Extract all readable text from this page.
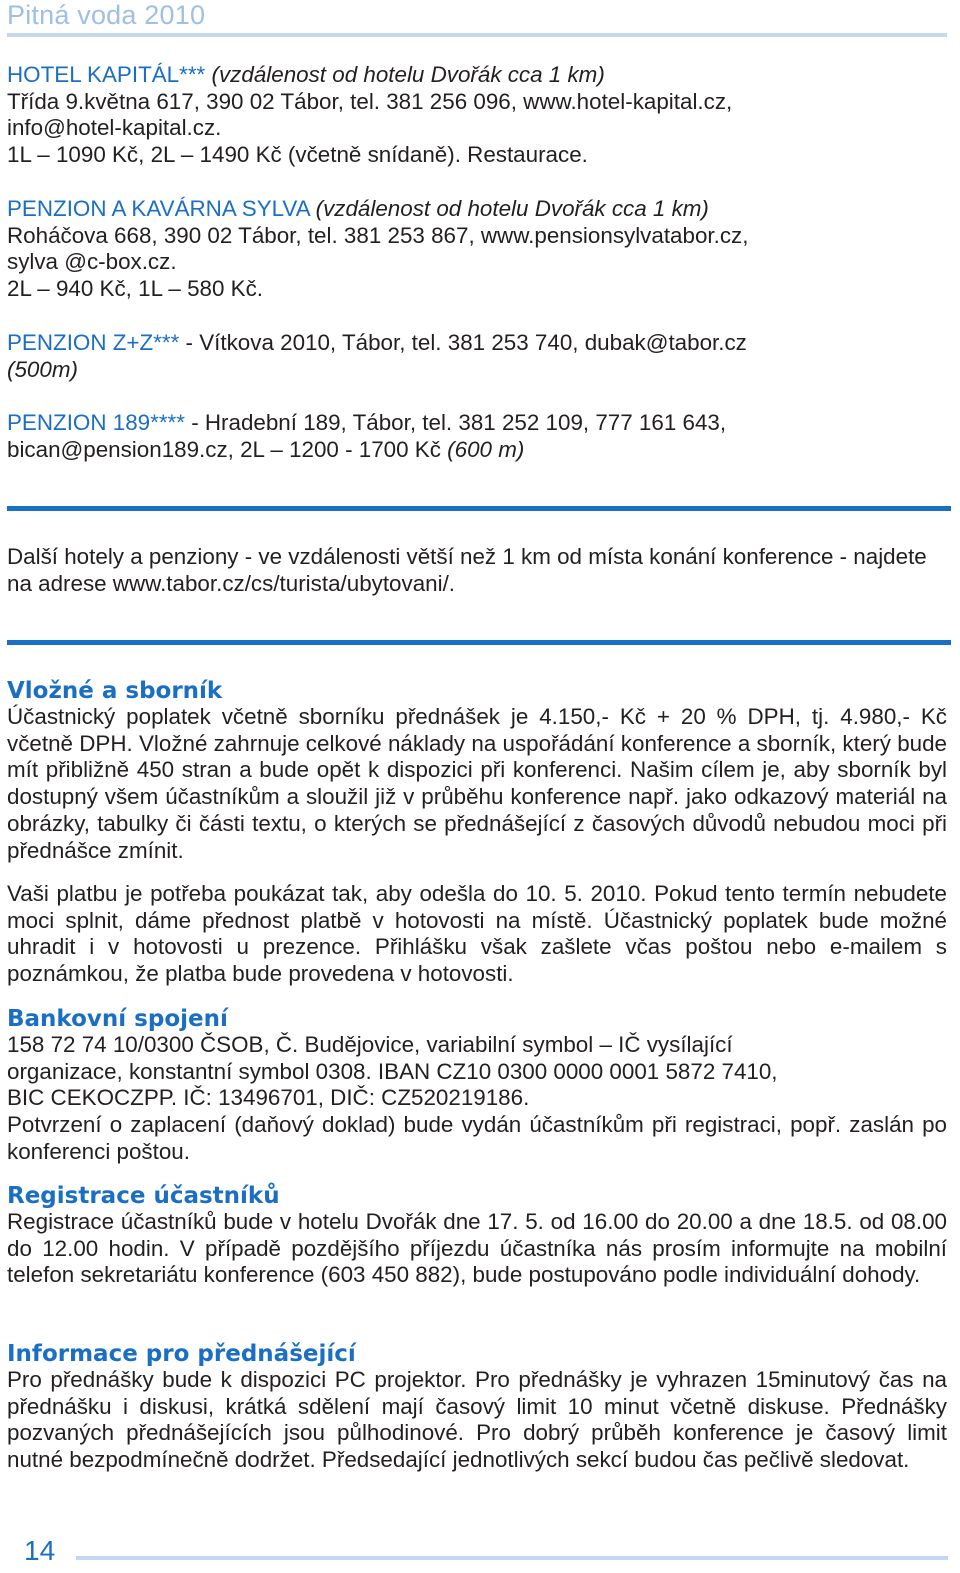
Pitná voda 2010
HOTEL KAPITÁL*** (vzdálenost od hotelu Dvořák cca 1 km)
Třída 9.května 617, 390 02 Tábor, tel. 381 256 096, www.hotel-kapital.cz,
info@hotel-kapital.cz.
1L – 1090 Kč, 2L – 1490 Kč (včetně snídaně). Restaurace.
PENZION A KAVÁRNA SYLVA (vzdálenost od hotelu Dvořák cca 1 km)
Roháčova 668, 390 02 Tábor, tel. 381 253 867, www.pensionsylvatabor.cz,
sylva @c-box.cz.
2L – 940 Kč, 1L – 580 Kč.
PENZION Z+Z*** - Vítkova 2010, Tábor, tel. 381 253 740, dubak@tabor.cz
(500m)
PENZION 189**** - Hradební 189, Tábor, tel. 381 252 109, 777 161 643,
bican@pension189.cz, 2L – 1200 - 1700 Kč (600 m)
Další hotely a penziony - ve vzdálenosti větší než 1 km od místa konání konference - najdete na adrese www.tabor.cz/cs/turista/ubytovani/.
Vložné a sborník
Účastnický poplatek včetně sborníku přednášek je 4.150,- Kč + 20 % DPH, tj. 4.980,- Kč včetně DPH. Vložné zahrnuje celkové náklady na uspořádání konference a sborník, který bude mít přibližně 450 stran a bude opět k dispozici při konferenci. Našim cílem je, aby sborník byl dostupný všem účastníkům a sloužil již v průběhu konference např. jako odkazový materiál na obrázky, tabulky či části textu, o kterých se přednášející z časových důvodů nebudou moci při přednášce zmínit.
Vaši platbu je potřeba poukázat tak, aby odešla do 10. 5. 2010. Pokud tento termín nebudete moci splnit, dáme přednost platbě v hotovosti na místě. Účastnický poplatek bude možné uhradit i v hotovosti u prezence. Přihlášku však zašlete včas poštou nebo e-mailem s poznámkou, že platba bude provedena v hotovosti.
Bankovní spojení
158 72 74 10/0300 ČSOB, Č. Budějovice, variabilní symbol – IČ vysílající
organizace, konstantní symbol 0308. IBAN CZ10 0300 0000 0001 5872 7410,
BIC CEKOCZPP. IČ: 13496701, DIČ: CZ520219186.
Potvrzení o zaplacení (daňový doklad) bude vydán účastníkům při registraci, popř. zaslán po konferenci poštou.
Registrace účastníků
Registrace účastníků bude v hotelu Dvořák dne 17. 5. od 16.00 do 20.00 a dne 18.5. od 08.00 do 12.00 hodin. V případě pozdějšího příjezdu účastníka nás prosím informujte na mobilní telefon sekretariátu konference (603 450 882), bude postupováno podle individuální dohody.
Informace pro přednášející
Pro přednášky bude k dispozici PC projektor. Pro přednášky je vyhrazen 15minutový čas na přednášku i diskusi, krátká sdělení mají časový limit 10 minut včetně diskuse. Přednášky pozvaných přednášejících jsou půlhodinové. Pro dobrý průběh konference je časový limit nutné bezpodmínečně dodržet. Předsedající jednotlivých sekcí budou čas pečlivě sledovat.
14
